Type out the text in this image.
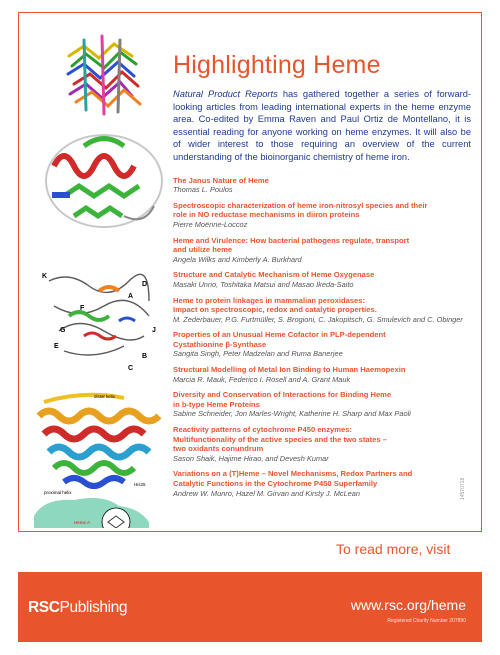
K
D
A
F
G
E
J
B
C
distal helix
proximal helix
His25
Heme A
Highlighting Heme

Natural Product Reports has gathered together a series of forward-looking articles from leading international experts in the heme enzyme area. Co-edited by Emma Raven and Paul Ortiz de Montellano, it is essential reading for anyone working on heme enzymes. It will also be of wider interest to those requiring an overview of the current understanding of the bioinorganic chemistry of heme iron.

The Janus Nature of Heme
Thomas L. Poulos
Spectroscopic characterization of heme iron-nitrosyl species and their
role in NO reductase mechanisms in diiron proteins
Pierre Moënne-Loccoz
Heme and Virulence: How bacterial pathogens regulate, transport
and utilize heme
Angela Wilks and Kimberly A. Burkhard
Structure and Catalytic Mechanism of Heme Oxygenase
Masaki Unno, Toshitaka Matsui and Masao Ikeda-Saito
Heme to protein linkages in mammalian peroxidases:
Impact on spectroscopic, redox and catalytic properties.
M. Zederbauer, P.G. Furtmüller, S. Brogioni, C. Jakopitsch, G. Smulevich and C. Obinger
Properties of an Unusual Heme Cofactor in PLP-dependent
Cystathionine β-Synthase
Sangita Singh, Peter Madzelan and Ruma Banerjee
Structural Modelling of Metal Ion Binding to Human Haemopexin
Marcia R. Mauk, Federico I. Rosell and A. Grant Mauk
Diversity and Conservation of Interactions for Binding Heme
in b-type Heme Proteins
Sabine Schneider, Jon Marles-Wright, Katherine H. Sharp and Max Paoli
Reactivity patterns of cytochrome P450 enzymes:
Multifunctionality of the active species and the two states –
two oxidants conundrum
Sason Shaik, Hajime Hirao, and Devesh Kumar
Variations on a (T)Heme – Novel Mechanisms, Redox Partners and
Catalytic Functions in the Cytochrome P450 Superfamily
Andrew W. Munro, Hazel M. Girvan and Kirsty J. McLean	14570718
To read more, visit
RSCPublishing	www.rsc.org/heme
Registered Charity Number 207890
